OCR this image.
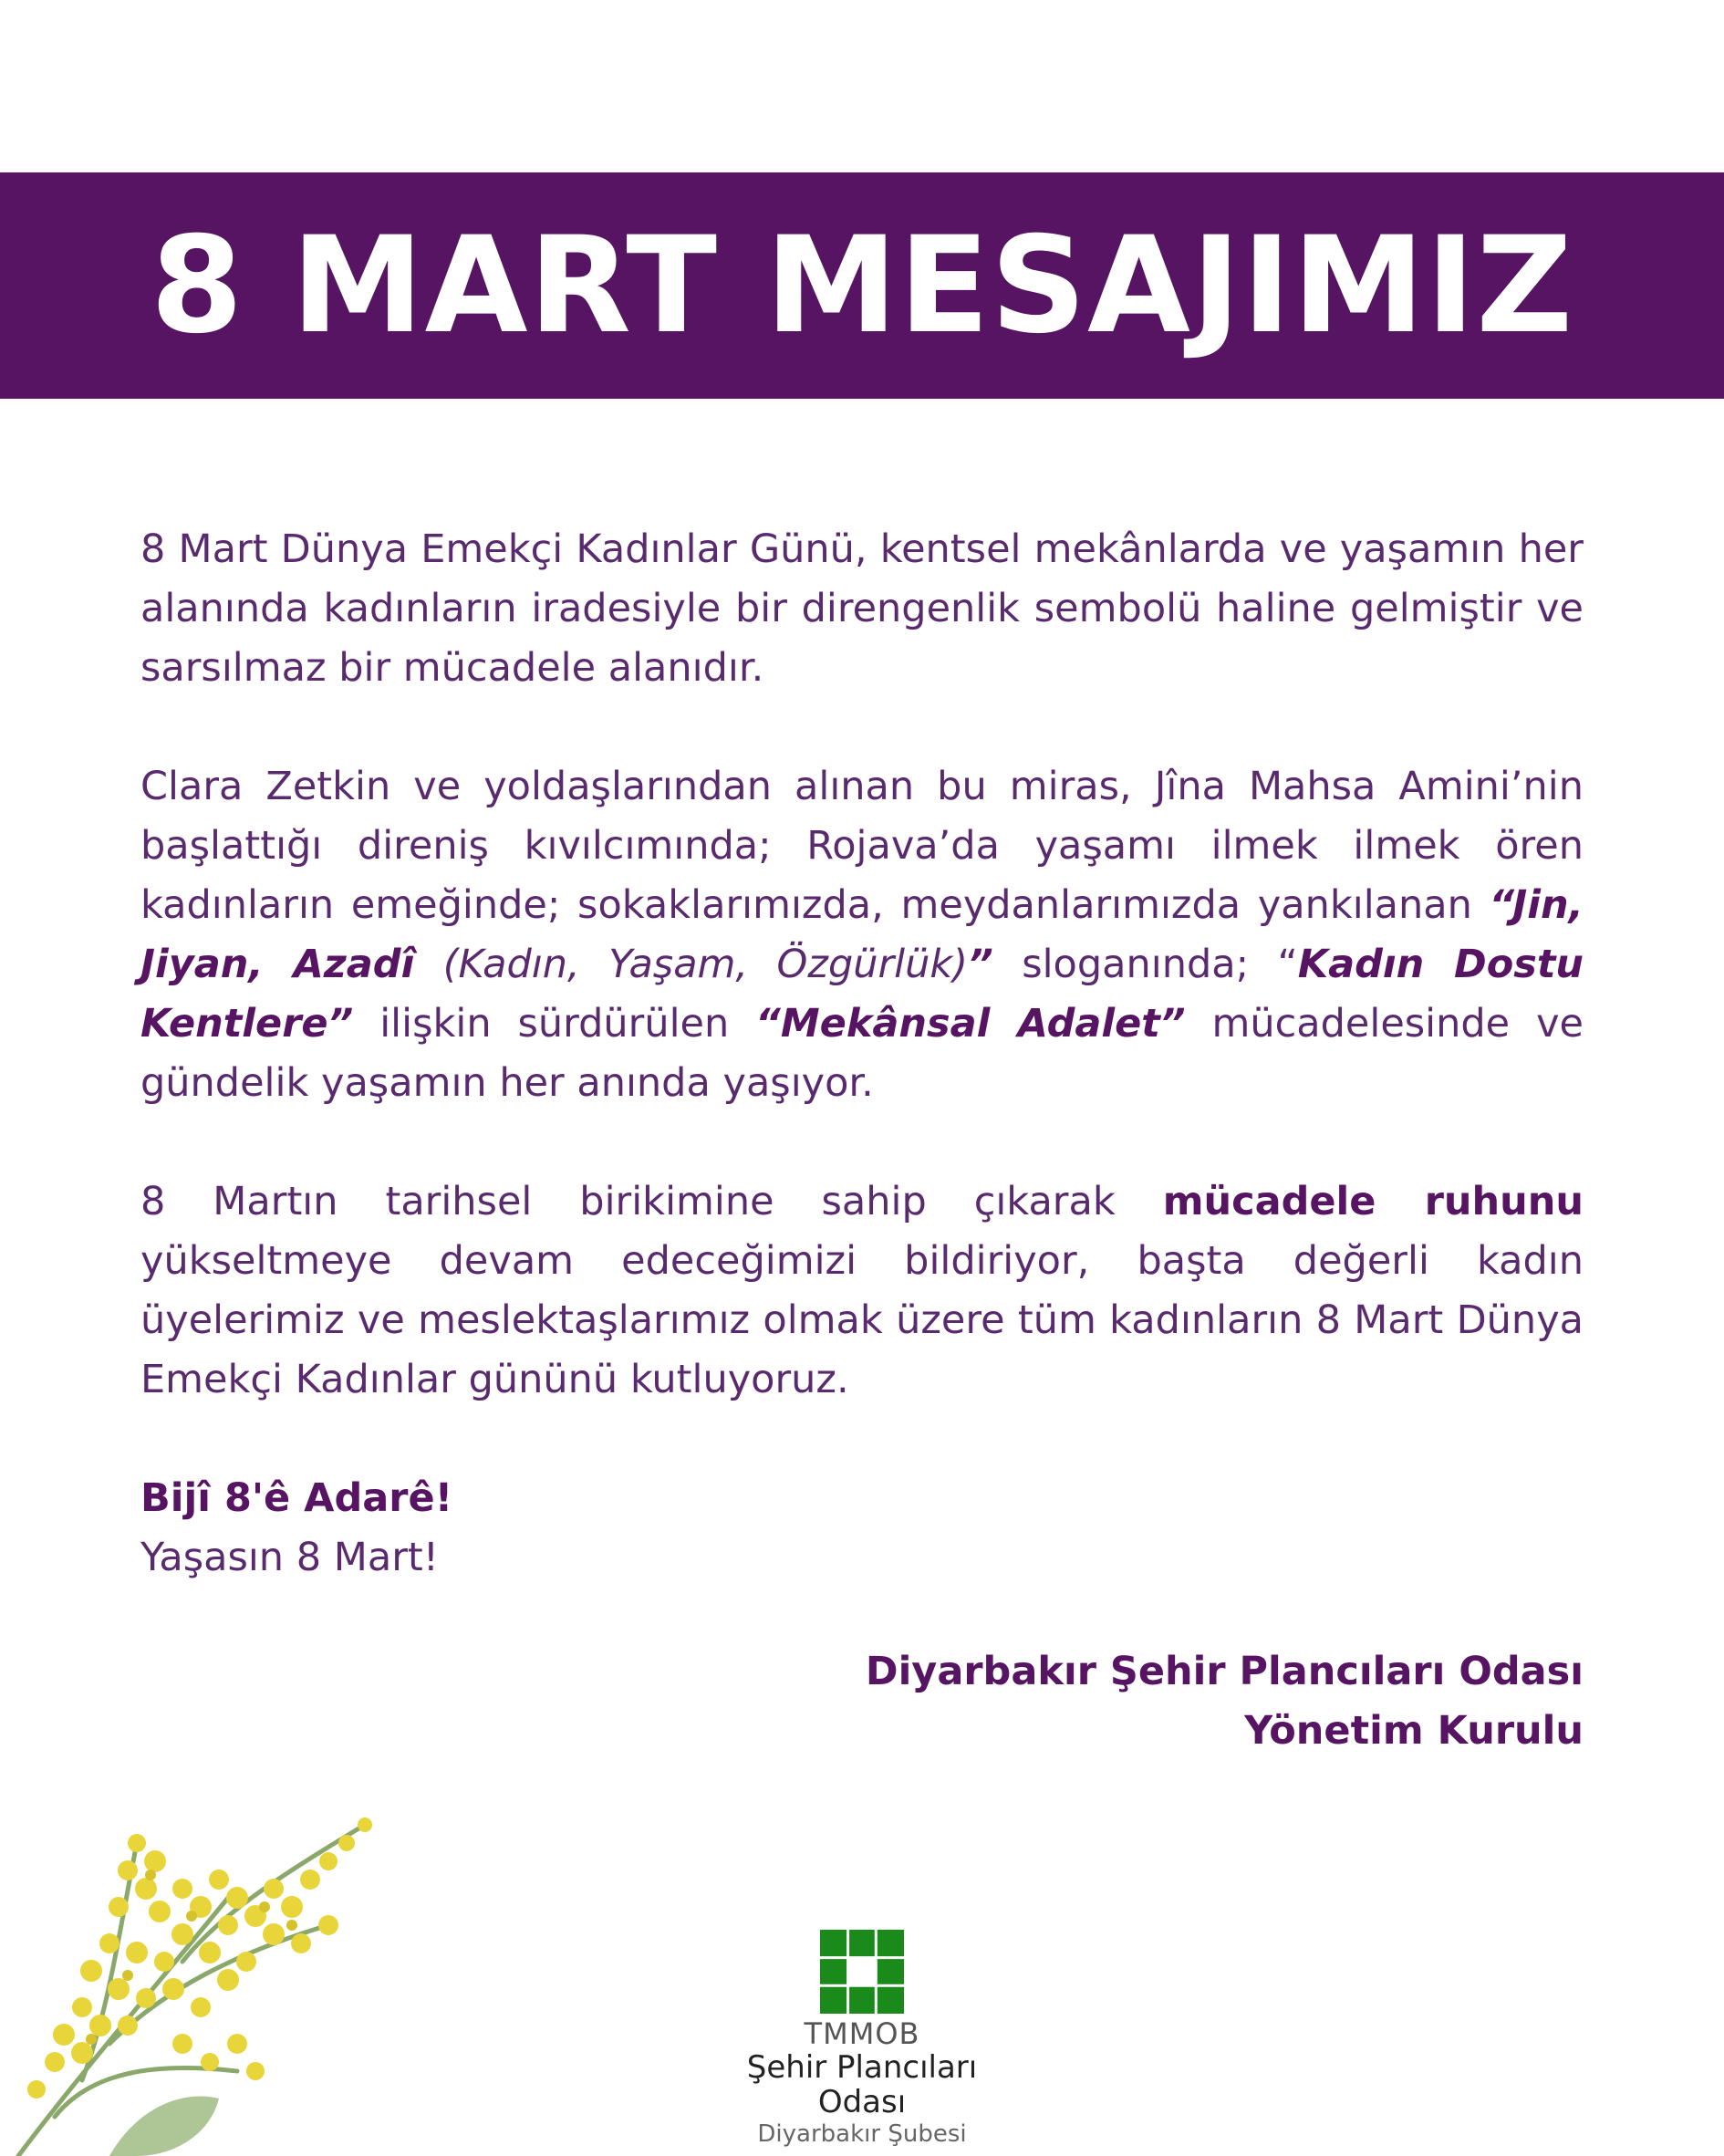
8 MART MESAJIMIZ

8 Mart Dünya Emekçi Kadınlar Günü, kentsel mekânlarda ve yaşamın her alanında kadınların iradesiyle bir direngenlik sembolü haline gelmiştir ve sarsılmaz bir mücadele alanıdır.

Clara Zetkin ve yoldaşlarından alınan bu miras, Jîna Mahsa Amini’nin başlattığı direniş kıvılcımında; Rojava’da yaşamı ilmek ilmek ören kadınların emeğinde; sokaklarımızda, meydanlarımızda yankılanan “Jin, Jiyan, Azadî (Kadın, Yaşam, Özgürlük)” sloganında; “Kadın Dostu Kentlere” ilişkin sürdürülen “Mekânsal Adalet” mücadelesinde ve gündelik yaşamın her anında yaşıyor.

8 Martın tarihsel birikimine sahip çıkarak mücadele ruhunu yükseltmeye devam edeceğimizi bildiriyor, başta değerli kadın üyelerimiz ve meslektaşlarımız olmak üzere tüm kadınların 8 Mart Dünya Emekçi Kadınlar gününü kutluyoruz.

Bijî 8'ê Adarê!

Yaşasın 8 Mart!

Diyarbakır Şehir Plancıları Odası
Yönetim Kurulu
TMMOB
Şehir Plancıları Odası
Diyarbakır Şubesi
